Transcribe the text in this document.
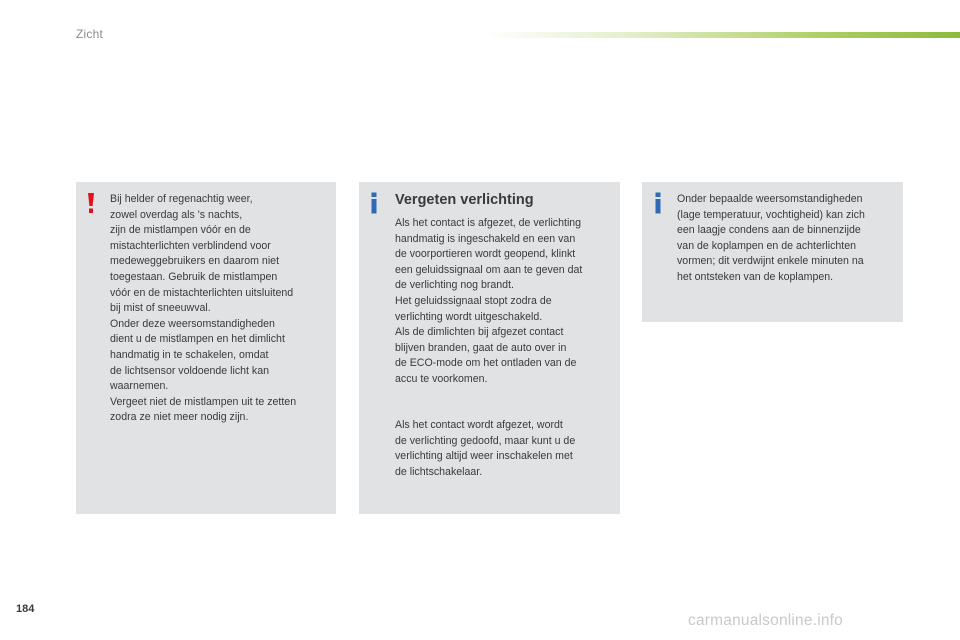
Zicht
Bij helder of regenachtig weer,
zowel overdag als 's nachts,
zijn de mistlampen vóór en de
mistachterlichten verblindend voor
medeweggebruikers en daarom niet
toegestaan. Gebruik de mistlampen
vóór en de mistachterlichten uitsluitend
bij mist of sneeuwval.
Onder deze weersomstandigheden
dient u de mistlampen en het dimlicht
handmatig in te schakelen, omdat
de lichtsensor voldoende licht kan
waarnemen.
Vergeet niet de mistlampen uit te zetten
zodra ze niet meer nodig zijn.
Vergeten verlichting
Als het contact is afgezet, de verlichting
handmatig is ingeschakeld en een van
de voorportieren wordt geopend, klinkt
een geluidssignaal om aan te geven dat
de verlichting nog brandt.
Het geluidssignaal stopt zodra de
verlichting wordt uitgeschakeld.
Als de dimlichten bij afgezet contact
blijven branden, gaat de auto over in
de ECO-mode om het ontladen van de
accu te voorkomen.
Als het contact wordt afgezet, wordt
de verlichting gedoofd, maar kunt u de
verlichting altijd weer inschakelen met
de lichtschakelaar.
Onder bepaalde weersomstandigheden
(lage temperatuur, vochtigheid) kan zich
een laagje condens aan de binnenzijde
van de koplampen en de achterlichten
vormen; dit verdwijnt enkele minuten na
het ontsteken van de koplampen.
184
carmanualsonline.info
